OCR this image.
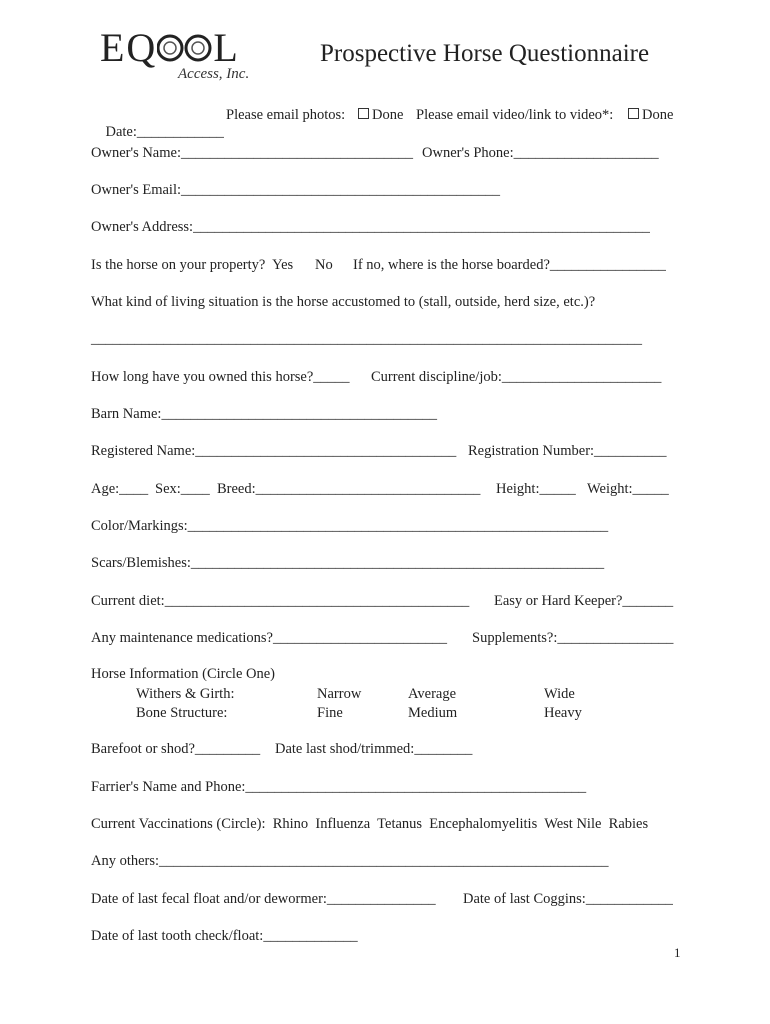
EQ L
Access, Inc.
Prospective Horse Questionnaire

Date:____________

Please email photos:	Done Please email video/link to video*:	Done
Owner's Name:________________________________ Owner's Phone:____________________
Owner's Email:____________________________________________
Owner's Address:_______________________________________________________________
Is the horse on your property?  Yes No If no, where is the horse boarded?________________
What kind of living situation is the horse accustomed to (stall, outside, herd size, etc.)?
____________________________________________________________________________
How long have you owned this horse?_____ Current discipline/job:______________________
Barn Name:______________________________________
Registered Name:____________________________________ Registration Number:__________
Age:____ Sex:____ Breed:_______________________________ Height:_____ Weight:_____
Color/Markings:__________________________________________________________
Scars/Blemishes:_________________________________________________________
Current diet:__________________________________________ Easy or Hard Keeper?_______
Any maintenance medications?________________________ Supplements?:________________
Horse Information (Circle One)
Withers & Girth:	Narrow	Average	Wide
Bone Structure:	Fine	Medium	Heavy
Barefoot or shod?_________ Date last shod/trimmed:________
Farrier's Name and Phone:_______________________________________________
Current Vaccinations (Circle):  Rhino  Influenza  Tetanus  Encephalomyelitis  West Nile  Rabies
Any others:______________________________________________________________
Date of last fecal float and/or dewormer:_______________ Date of last Coggins:____________
Date of last tooth check/float:_____________
1
